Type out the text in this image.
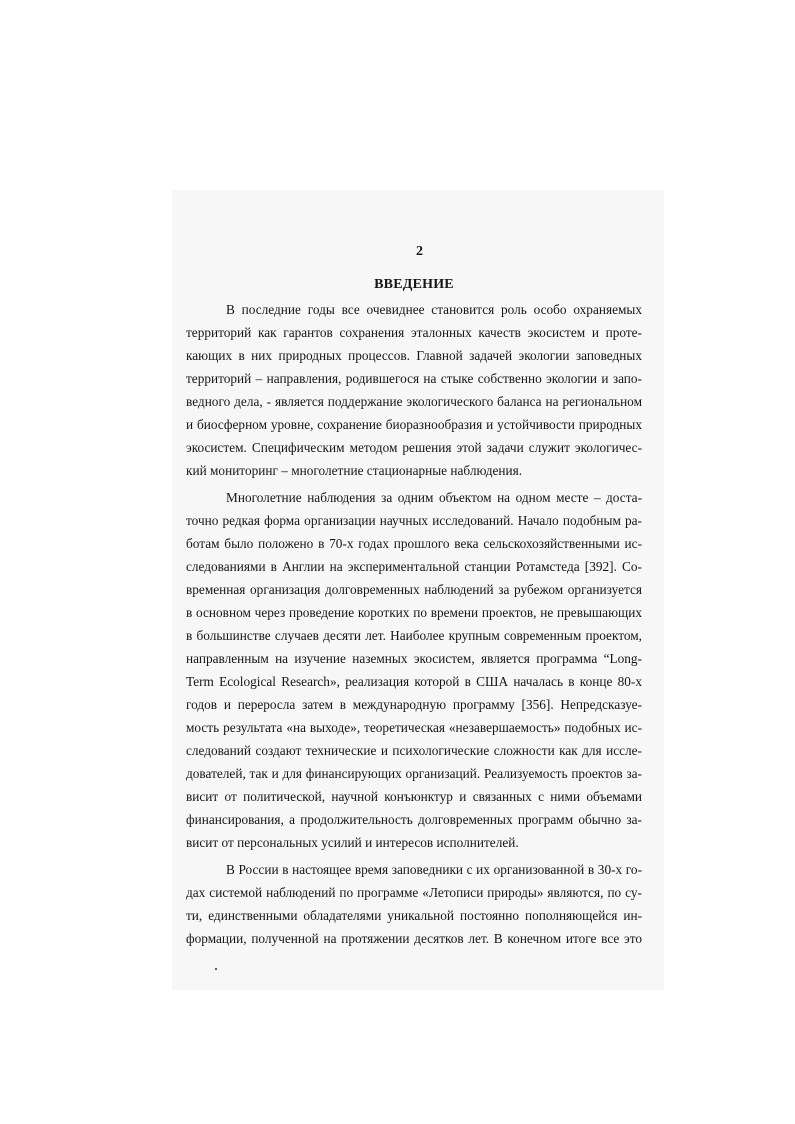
2

ВВЕДЕНИЕ
В последние годы все очевиднее становится роль особо охраняемых
территорий как гарантов сохранения эталонных качеств экосистем и проте-
кающих в них природных процессов. Главной задачей экологии заповедных
территорий – направления, родившегося на стыке собственно экологии и запо-
ведного дела, - является поддержание экологического баланса на региональном
и биосферном уровне, сохранение биоразнообразия и устойчивости природных
экосистем. Специфическим методом решения этой задачи служит экологичес-
кий мониторинг – многолетние стационарные наблюдения.
Многолетние наблюдения за одним объектом на одном месте – доста-
точно редкая форма организации научных исследований. Начало подобным ра-
ботам было положено в 70-х годах прошлого века сельскохозяйственными ис-
следованиями в Англии на экспериментальной станции Ротамстеда [392]. Со-
временная организация долговременных наблюдений за рубежом организуется
в основном через проведение коротких по времени проектов, не превышающих
в большинстве случаев десяти лет. Наиболее крупным современным проектом,
направленным на изучение наземных экосистем, является программа “Long-
Term Ecological Research», реализация которой в США началась в конце 80-х
годов и переросла затем в международную программу [356]. Непредсказуе-
мость результата «на выходе», теоретическая «незавершаемость» подобных ис-
следований создают технические и психологические сложности как для иссле-
дователей, так и для финансирующих организаций. Реализуемость проектов за-
висит от политической, научной конъюнктур и связанных с ними объемами
финансирования, а продолжительность долговременных программ обычно за-
висит от персональных усилий и интересов исполнителей.
В России в настоящее время заповедники с их организованной в 30-х го-
дах системой наблюдений по программе «Летописи природы» являются, по су-
ти, единственными обладателями уникальной постоянно пополняющейся ин-
формации, полученной на протяжении десятков лет. В конечном итоге все это
